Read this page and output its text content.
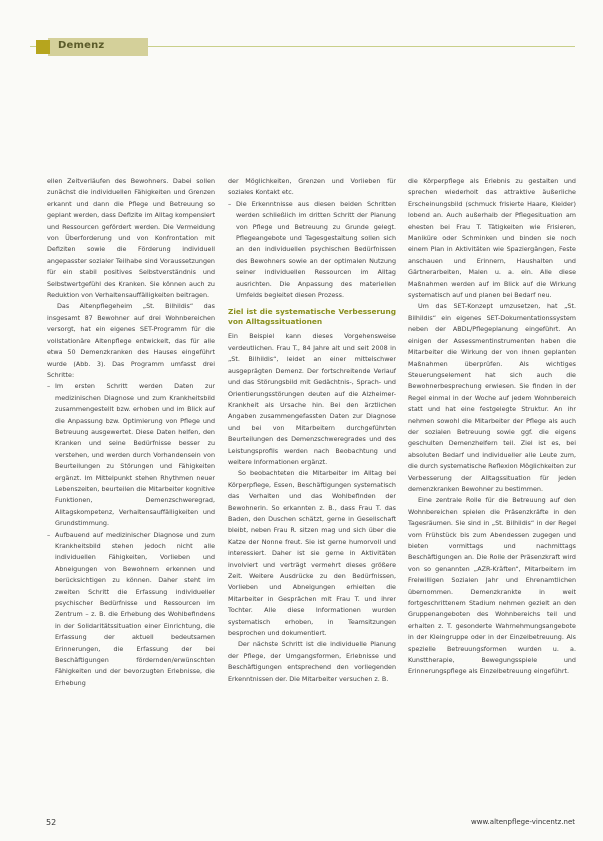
Demenz

ellen Zeitverläufen des Bewohners. Dabei sollen zunächst die individuellen Fähigkeiten und Grenzen erkannt und dann die Pflege und Betreuung so geplant werden, dass Defizite im Alltag kompensiert und Ressourcen gefördert werden. Die Vermeidung von Überforderung und von Konfrontation mit Defiziten sowie die Förderung individuell angepasster sozialer Teilhabe sind Voraussetzungen für ein stabil positives Selbstverständnis und Selbstwertgefühl des Kranken. Sie können auch zu Reduktion von Verhaltensauffälligkeiten beitragen.

Das Altenpflegeheim „St. Bilhildis“ das insgesamt 87 Bewohner auf drei Wohnbereichen versorgt, hat ein eigenes SET-Programm für die vollstationäre Altenpflege entwickelt, das für alle etwa 50 Demenzkranken des Hauses eingeführt wurde (Abb. 3). Das Programm umfasst drei Schritte:

– Im ersten Schritt werden Daten zur medizinischen Diagnose und zum Krankheitsbild zusammengestellt bzw. erhoben und im Blick auf die Anpassung bzw. Optimierung von Pflege und Betreuung ausgewertet. Diese Daten helfen, den Kranken und seine Bedürfnisse besser zu verstehen, und werden durch Vorhandensein von Beurteilungen zu Störungen und Fähigkeiten ergänzt. Im Mittelpunkt stehen Rhythmen neuer Lebenszeiten, beurteilen die Mitarbeiter kognitive Funktionen, Demenzschweregrad, Alltagskompetenz, Verhaltensauffälligkeiten und Grundstimmung.
– Aufbauend auf medizinischer Diagnose und zum Krankheitsbild stehen jedoch nicht alle individuellen Fähigkeiten, Vorlieben und Abneigungen von Bewohnern erkennen und berücksichtigen zu können. Daher steht im zweiten Schritt die Erfassung individueller psychischer Bedürfnisse und Ressourcen im Zentrum – z. B. die Erhebung des Wohlbefindens in der Solidaritätssituation einer Einrichtung, die Erfassung der aktuell bedeutsamen Erinnerungen, die Erfassung der bei Beschäftigungen fördernden/erwünschten Fähigkeiten und der bevorzugten Erlebnisse, die Erhebung

der Möglichkeiten, Grenzen und Vorlieben für soziales Kontakt etc.

– Die Erkenntnisse aus diesen beiden Schritten werden schließlich im dritten Schritt der Planung von Pflege und Betreuung zu Grunde gelegt. Pflegeangebote und Tagesgestaltung sollen sich an den individuellen psychischen Bedürfnissen des Bewohners sowie an der optimalen Nutzung seiner individuellen Ressourcen im Alltag ausrichten. Die Anpassung des materiellen Umfelds begleitet diesen Prozess.
Ziel ist die systematische Verbesserung von Alltagssituationen

Ein Beispiel kann dieses Vorgehensweise verdeutlichen. Frau T., 84 Jahre alt und seit 2008 in „St. Bilhildis“, leidet an einer mittelschwer ausgeprägten Demenz. Der fortschreitende Verlauf und das Störungsbild mit Gedächtnis-, Sprach- und Orientierungsstörungen deuten auf die Alzheimer-Krankheit als Ursache hin. Bei den ärztlichen Angaben zusammengefassten Daten zur Diagnose und bei von Mitarbeitern durchgeführten Beurteilungen des Demenzschweregrades und des Leistungsprofils werden nach Beobachtung und weitere Informationen ergänzt.

So beobachteten die Mitarbeiter im Alltag bei Körperpflege, Essen, Beschäftigungen systematisch das Verhalten und das Wohlbefinden der Bewohnerin. So erkannten z. B., dass Frau T. das Baden, den Duschen schätzt, gerne in Gesellschaft bleibt, neben Frau R. sitzen mag und sich über die Katze der Nonne freut. Sie ist gerne humorvoll und interessiert. Daher ist sie gerne in Aktivitäten involviert und verträgt vermehrt dieses größere Zeit. Weitere Ausdrücke zu den Bedürfnissen, Vorlieben und Abneigungen erhielten die Mitarbeiter in Gesprächen mit Frau T. und ihrer Tochter. Alle diese Informationen wurden systematisch erhoben, in Teamsitzungen besprochen und dokumentiert.

Der nächste Schritt ist die individuelle Planung der Pflege, der Umgangsformen, Erlebnisse und Beschäftigungen entsprechend den vorliegenden Erkenntnissen der. Die Mitarbeiter versuchen z. B.

die Körperpflege als Erlebnis zu gestalten und sprechen wiederholt das attraktive äußerliche Erscheinungsbild (schmuck frisierte Haare, Kleider) lobend an. Auch außerhalb der Pflegesituation am ehesten bei Frau T. Tätigkeiten wie Frisieren, Maniküre oder Schminken und binden sie noch einem Plan in Aktivitäten wie Spaziergängen, Feste anschauen und Erinnern, Haushalten und Gärtnerarbeiten, Malen u. a. ein. Alle diese Maßnahmen werden auf im Blick auf die Wirkung systematisch auf und planen bei Bedarf neu.

Um das SET-Konzept umzusetzen, hat „St. Bilhildis“ ein eigenes SET-Dokumentationssystem neben der ABDL/Pflegeplanung eingeführt. An einigen der Assessmentinstrumenten haben die Mitarbeiter die Wirkung der von ihnen geplanten Maßnahmen überprüfen. Als wichtiges Steuerungselement hat sich auch die Bewohnerbesprechung erwiesen. Sie finden in der Regel einmal in der Woche auf jedem Wohnbereich statt und hat eine festgelegte Struktur. An ihr nehmen sowohl die Mitarbeiter der Pflege als auch der sozialen Betreuung sowie ggf. die eigens geschulten Demenzhelfern teil. Ziel ist es, bei absoluten Bedarf und individueller alle Leute zum, die durch systematische Reflexion Möglichkeiten zur Verbesserung der Alltagssituation für jeden demenzkranken Bewohner zu bestimmen.

Eine zentrale Rolle für die Betreuung auf den Wohnbereichen spielen die Präsenzkräfte in den Tagesräumen. Sie sind in „St. Bilhildis“ in der Regel vom Frühstück bis zum Abendessen zugegen und bieten vormittags und nachmittags Beschäftigungen an. Die Rolle der Präsenzkraft wird von so genannten „AZR-Kräften“, Mitarbeitern im Freiwilligen Sozialen Jahr und Ehrenamtlichen übernommen. Demenzkrankte in weit fortgeschrittenem Stadium nehmen gezielt an den Gruppenangeboten des Wohnbereichs teil und erhalten z. T. gesonderte Wahrnehmungsangebote in der Kleingruppe oder in der Einzelbetreuung. Als spezielle Betreuungsformen wurden u. a. Kunsttherapie, Bewegungsspiele und Erinnerungspflege als Einzelbetreuung eingeführt.

52	www.altenpflege-vincentz.net
